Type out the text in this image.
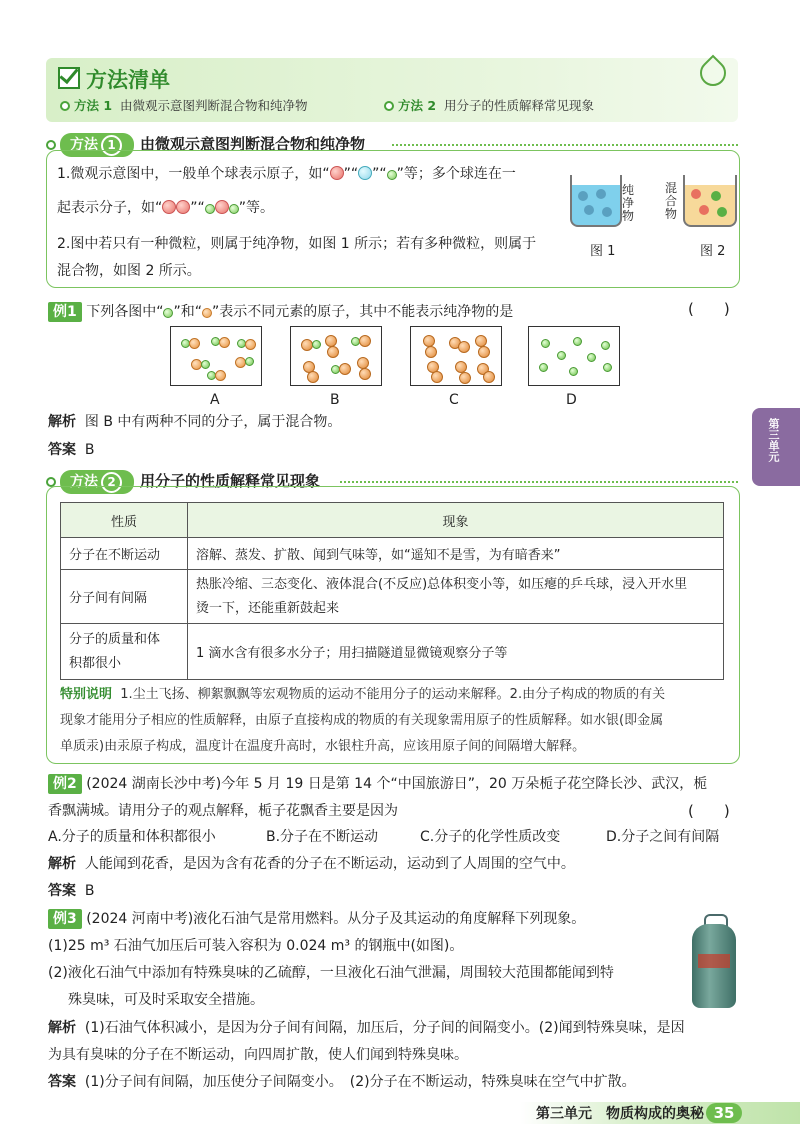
方法清单
方法 1 由微观示意图判断混合物和纯净物	方法 2 用分子的性质解释常见现象
方法 1 由微观示意图判断混合物和纯净物
1.微观示意图中，一般单个球表示原子，如“ ”“ ”“ ”等；多个球连在一
起表示分子，如“ ”“ ”等。
2.图中若只有一种微粒，则属于纯净物，如图 1 所示；若有多种微粒，则属于
混合物，如图 2 所示。
纯净物
图 1
混合物
图 2
例1 下列各图中“ ”和“ ”表示不同元素的原子，其中不能表示纯净物的是	(　　)
A	B	C	D
解析 图 B 中有两种不同的分子，属于混合物。
答案 B
方法 2 用分子的性质解释常见现象
性质	现象
分子在不断运动	溶解、蒸发、扩散、闻到气味等，如“遥知不是雪，为有暗香来”
分子间有间隔	热胀冷缩、三态变化、液体混合(不反应)总体积变小等，如压瘪的乒乓球，浸入开水里
烫一下，还能重新鼓起来
分子的质量和体
积都很小	1 滴水含有很多水分子；用扫描隧道显微镜观察分子等
特别说明 1.尘土飞扬、柳絮飘飘等宏观物质的运动不能用分子的运动来解释。2.由分子构成的物质的有关
现象才能用分子相应的性质解释，由原子直接构成的物质的有关现象需用原子的性质解释。如水银(即金属
单质汞)由汞原子构成，温度计在温度升高时，水银柱升高，应该用原子间的间隔增大解释。
例2 (2024 湖南长沙中考)今年 5 月 19 日是第 14 个“中国旅游日”，20 万朵栀子花空降长沙、武汉，栀
香飘满城。请用分子的观点解释，栀子花飘香主要是因为	(　　)
A.分子的质量和体积都很小	B.分子在不断运动	C.分子的化学性质改变	D.分子之间有间隔
解析 人能闻到花香，是因为含有花香的分子在不断运动，运动到了人周围的空气中。
答案 B
例3 (2024 河南中考)液化石油气是常用燃料。从分子及其运动的角度解释下列现象。
(1)25 m³ 石油气加压后可装入容积为 0.024 m³ 的钢瓶中(如图)。
(2)液化石油气中添加有特殊臭味的乙硫醇，一旦液化石油气泄漏，周围较大范围都能闻到特
殊臭味，可及时采取安全措施。
解析 (1)石油气体积减小，是因为分子间有间隔，加压后，分子间的间隔变小。(2)闻到特殊臭味，是因
为具有臭味的分子在不断运动，向四周扩散，使人们闻到特殊臭味。
答案 (1)分子间有间隔，加压使分子间隔变小。　(2)分子在不断运动，特殊臭味在空气中扩散。
第三单元
第三单元　物质构成的奥秘 35
